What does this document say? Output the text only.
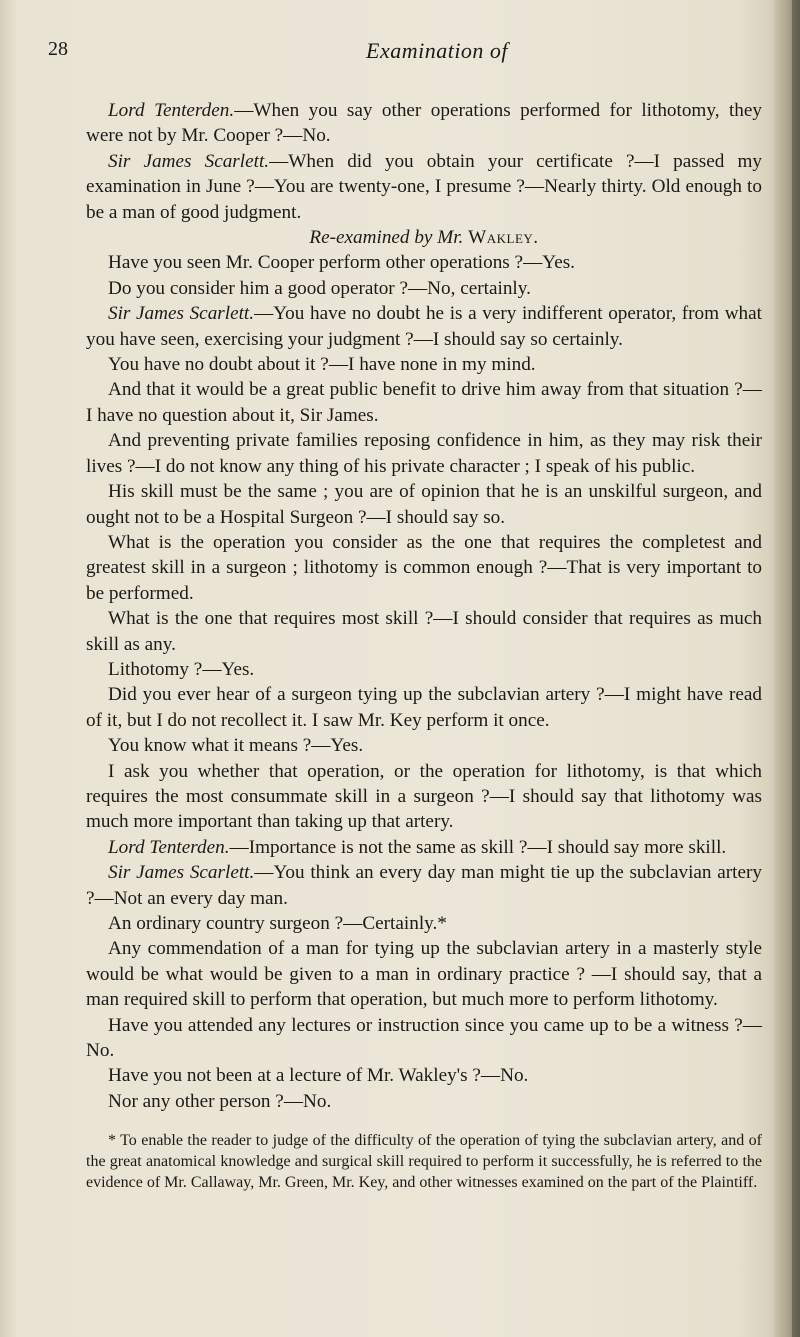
28	Examination of

Lord Tenterden.—When you say other operations performed for lithotomy, they were not by Mr. Cooper ?—No.

Sir James Scarlett.—When did you obtain your certificate ?—I passed my examination in June ?—You are twenty-one, I presume ?—Nearly thirty. Old enough to be a man of good judgment.

Re-examined by Mr. Wakley.

Have you seen Mr. Cooper perform other operations ?—Yes.

Do you consider him a good operator ?—No, certainly.

Sir James Scarlett.—You have no doubt he is a very indifferent operator, from what you have seen, exercising your judgment ?—I should say so certainly.

You have no doubt about it ?—I have none in my mind.

And that it would be a great public benefit to drive him away from that situation ?—I have no question about it, Sir James.

And preventing private families reposing confidence in him, as they may risk their lives ?—I do not know any thing of his private character ; I speak of his public.

His skill must be the same ; you are of opinion that he is an unskilful surgeon, and ought not to be a Hospital Surgeon ?—I should say so.

What is the operation you consider as the one that requires the completest and greatest skill in a surgeon ; lithotomy is common enough ?—That is very important to be performed.

What is the one that requires most skill ?—I should consider that requires as much skill as any.

Lithotomy ?—Yes.

Did you ever hear of a surgeon tying up the subclavian artery ?—I might have read of it, but I do not recollect it. I saw Mr. Key perform it once.

You know what it means ?—Yes.

I ask you whether that operation, or the operation for lithotomy, is that which requires the most consummate skill in a surgeon ?—I should say that lithotomy was much more important than taking up that artery.

Lord Tenterden.—Importance is not the same as skill ?—I should say more skill.

Sir James Scarlett.—You think an every day man might tie up the subclavian artery ?—Not an every day man.

An ordinary country surgeon ?—Certainly.*

Any commendation of a man for tying up the subclavian artery in a masterly style would be what would be given to a man in ordinary practice ? —I should say, that a man required skill to perform that operation, but much more to perform lithotomy.

Have you attended any lectures or instruction since you came up to be a witness ?—No.

Have you not been at a lecture of Mr. Wakley's ?—No.

Nor any other person ?—No.

* To enable the reader to judge of the difficulty of the operation of tying the subclavian artery, and of the great anatomical knowledge and surgical skill required to perform it successfully, he is referred to the evidence of Mr. Callaway, Mr. Green, Mr. Key, and other witnesses examined on the part of the Plaintiff.
